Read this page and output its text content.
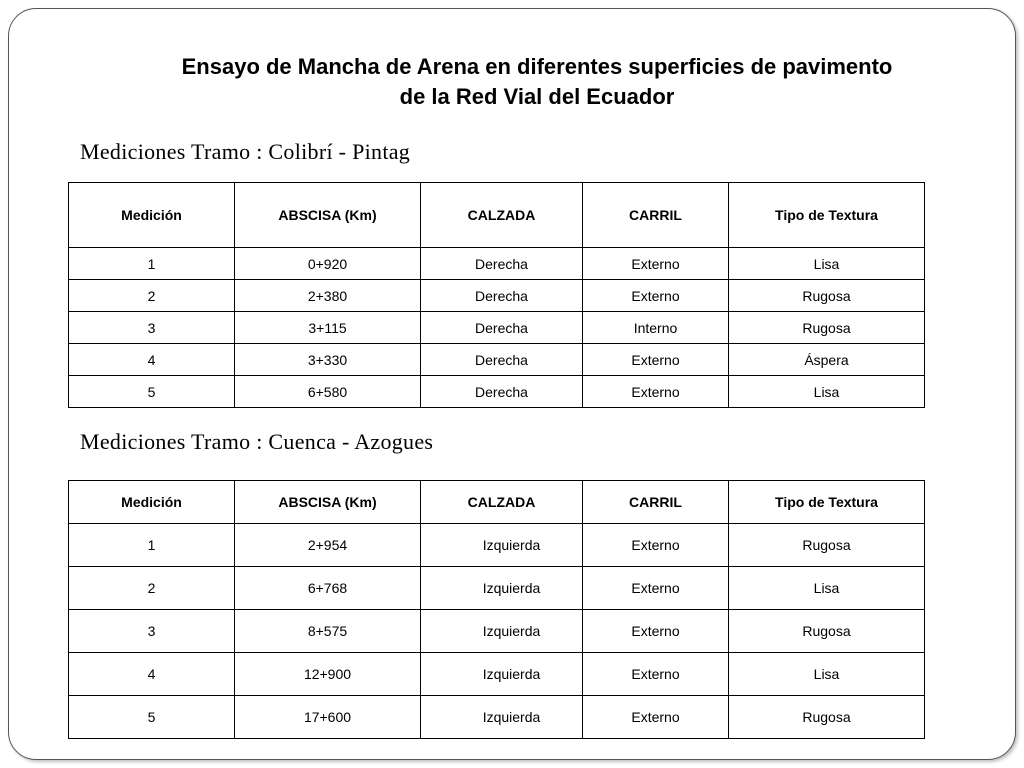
Ensayo de Mancha de Arena en diferentes superficies de pavimento
de la Red Vial del Ecuador
Mediciones Tramo : Colibrí - Pintag
Medición	ABSCISA (Km)	CALZADA	CARRIL	Tipo de Textura
1	0+920	Derecha	Externo	Lisa
2	2+380	Derecha	Externo	Rugosa
3	3+115	Derecha	Interno	Rugosa
4	3+330	Derecha	Externo	Áspera
5	6+580	Derecha	Externo	Lisa
Mediciones Tramo : Cuenca - Azogues
Medición	ABSCISA (Km)	CALZADA	CARRIL	Tipo de Textura
1	2+954	Izquierda	Externo	Rugosa
2	6+768	Izquierda	Externo	Lisa
3	8+575	Izquierda	Externo	Rugosa
4	12+900	Izquierda	Externo	Lisa
5	17+600	Izquierda	Externo	Rugosa
